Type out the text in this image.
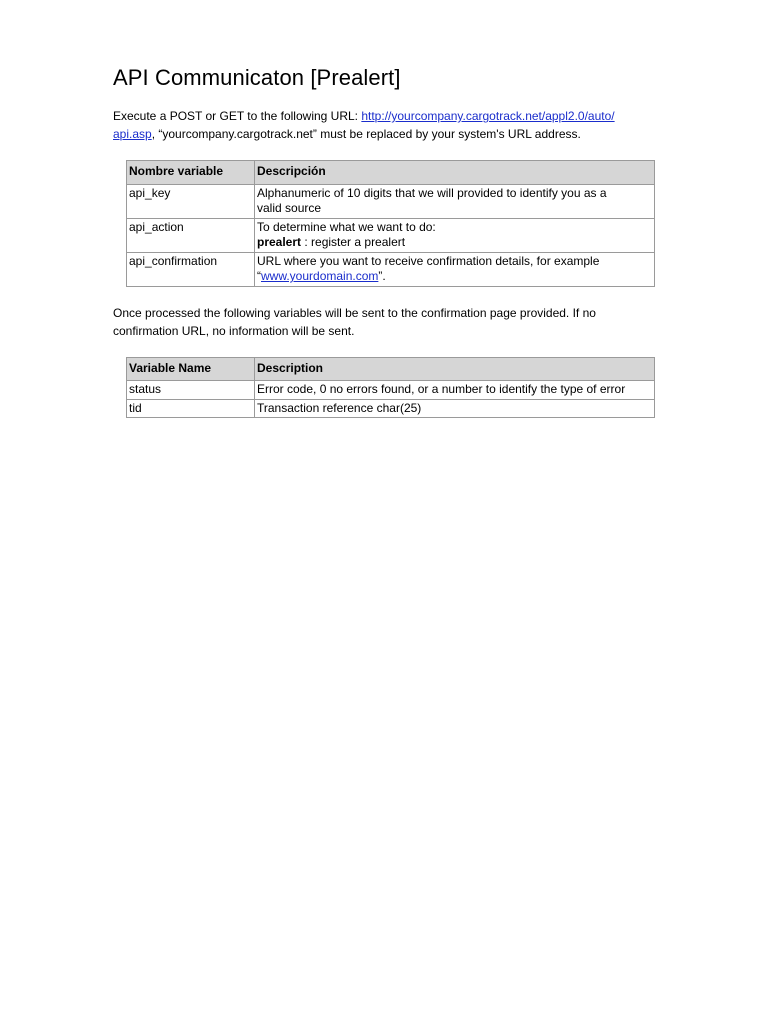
API Communicaton [Prealert]
Execute a POST or GET to the following URL: http://yourcompany.cargotrack.net/appl2.0/auto/
api.asp, “yourcompany.cargotrack.net” must be replaced by your system's URL address.
Nombre variable	Descripción
api_key	Alphanumeric of 10 digits that we will provided to identify you as a
valid source
api_action	To determine what we want to do:
prealert : register a prealert
api_confirmation	URL where you want to receive confirmation details, for example
“www.yourdomain.com”.
Once processed the following variables will be sent to the confirmation page provided. If no confirmation URL, no information will be sent.
Variable Name	Description
status	Error code, 0 no errors found, or a number to identify the type of error
tid	Transaction reference char(25)
